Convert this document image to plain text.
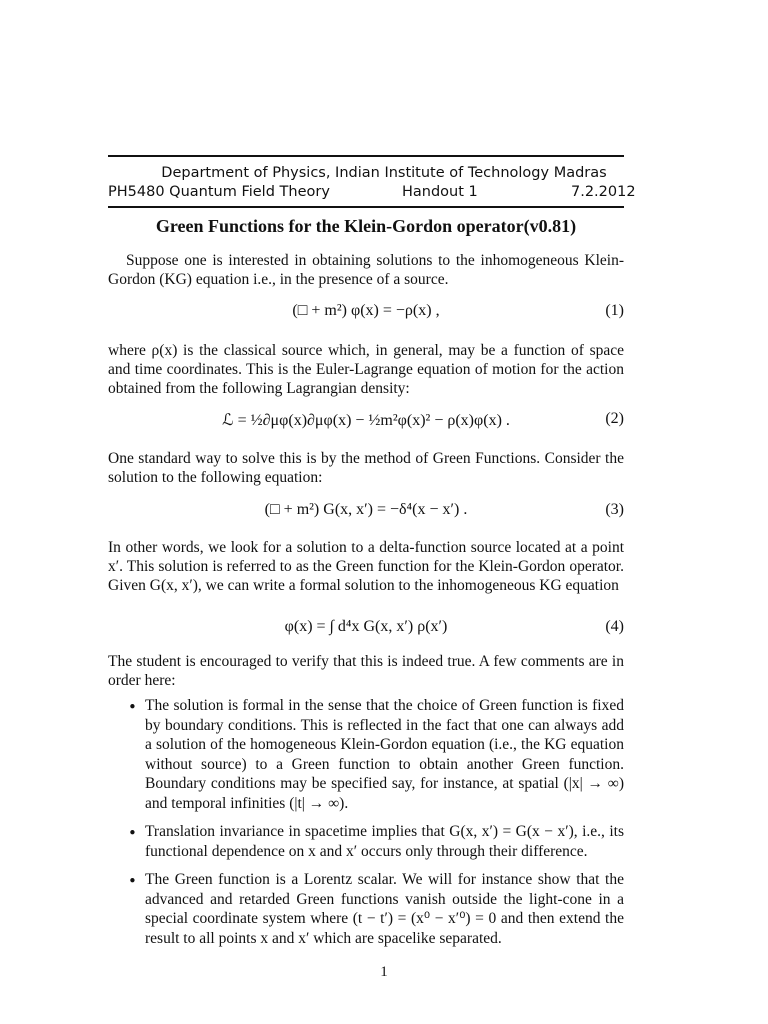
Department of Physics, Indian Institute of Technology Madras
PH5480 Quantum Field Theory	Handout 1	7.2.2012
Green Functions for the Klein-Gordon operator(v0.81)
Suppose one is interested in obtaining solutions to the inhomogeneous Klein-Gordon (KG) equation i.e., in the presence of a source.
(□ + m²) φ(x) = −ρ(x) ,	(1)
where ρ(x) is the classical source which, in general, may be a function of space and time coordinates. This is the Euler-Lagrange equation of motion for the action obtained from the following Lagrangian density:
ℒ = ½∂μφ(x)∂μφ(x) − ½m²φ(x)² − ρ(x)φ(x) .	(2)
One standard way to solve this is by the method of Green Functions. Consider the solution to the following equation:
(□ + m²) G(x, x′) = −δ⁴(x − x′) .	(3)
In other words, we look for a solution to a delta-function source located at a point x′. This solution is referred to as the Green function for the Klein-Gordon operator. Given G(x, x′), we can write a formal solution to the inhomogeneous KG equation
φ(x) = ∫ d⁴x G(x, x′) ρ(x′)	(4)
The student is encouraged to verify that this is indeed true. A few comments are in order here:
• The solution is formal in the sense that the choice of Green function is fixed by boundary conditions. This is reflected in the fact that one can always add a solution of the homogeneous Klein-Gordon equation (i.e., the KG equation without source) to a Green function to obtain another Green function. Boundary conditions may be specified say, for instance, at spatial (|x| → ∞) and temporal infinities (|t| → ∞).
• Translation invariance in spacetime implies that G(x, x′) = G(x − x′), i.e., its functional dependence on x and x′ occurs only through their difference.
• The Green function is a Lorentz scalar. We will for instance show that the advanced and retarded Green functions vanish outside the light-cone in a special coordinate system where (t − t′) = (x⁰ − x′⁰) = 0 and then extend the result to all points x and x′ which are spacelike separated.
1
